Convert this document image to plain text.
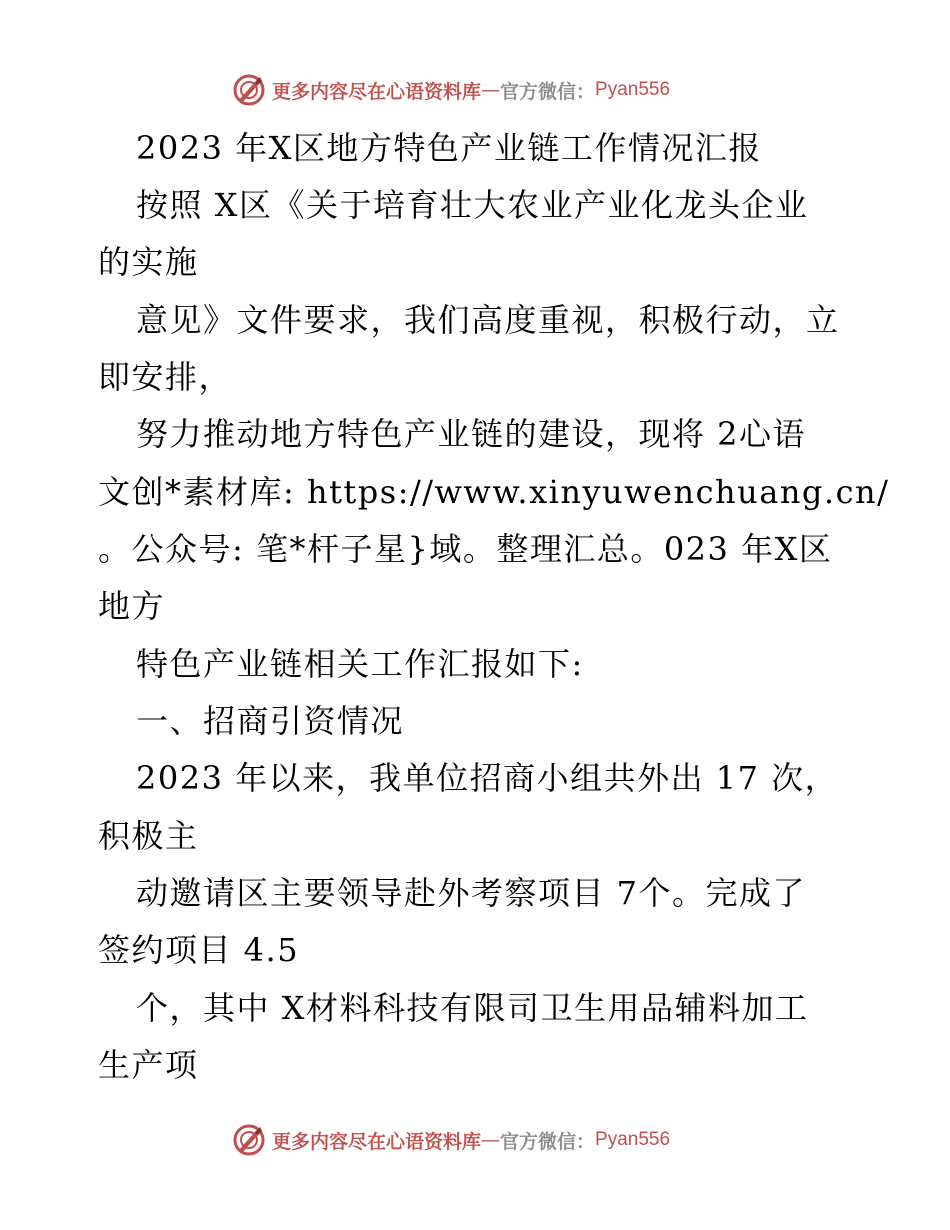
更多内容尽在心语资料库 — 官方微信： Pyan556
2023 年X区地方特色产业链工作情况汇报
按照 X区《关于培育壮大农业产业化龙头企业
的实施
意见》文件要求，我们高度重视，积极行动，立
即安排，
努力推动地方特色产业链的建设，现将 2心语
文创*素材库: https://www.xinyuwenchuang.cn/
。公众号: 笔*杆子星}域。整理汇总。023 年X区
地方
特色产业链相关工作汇报如下:
一、招商引资情况
2023 年以来，我单位招商小组共外出 17 次，
积极主
动邀请区主要领导赴外考察项目 7个。完成了
签约项目 4.5
个，其中 X材料科技有限司卫生用品辅料加工
生产项
更多内容尽在心语资料库 — 官方微信： Pyan556
